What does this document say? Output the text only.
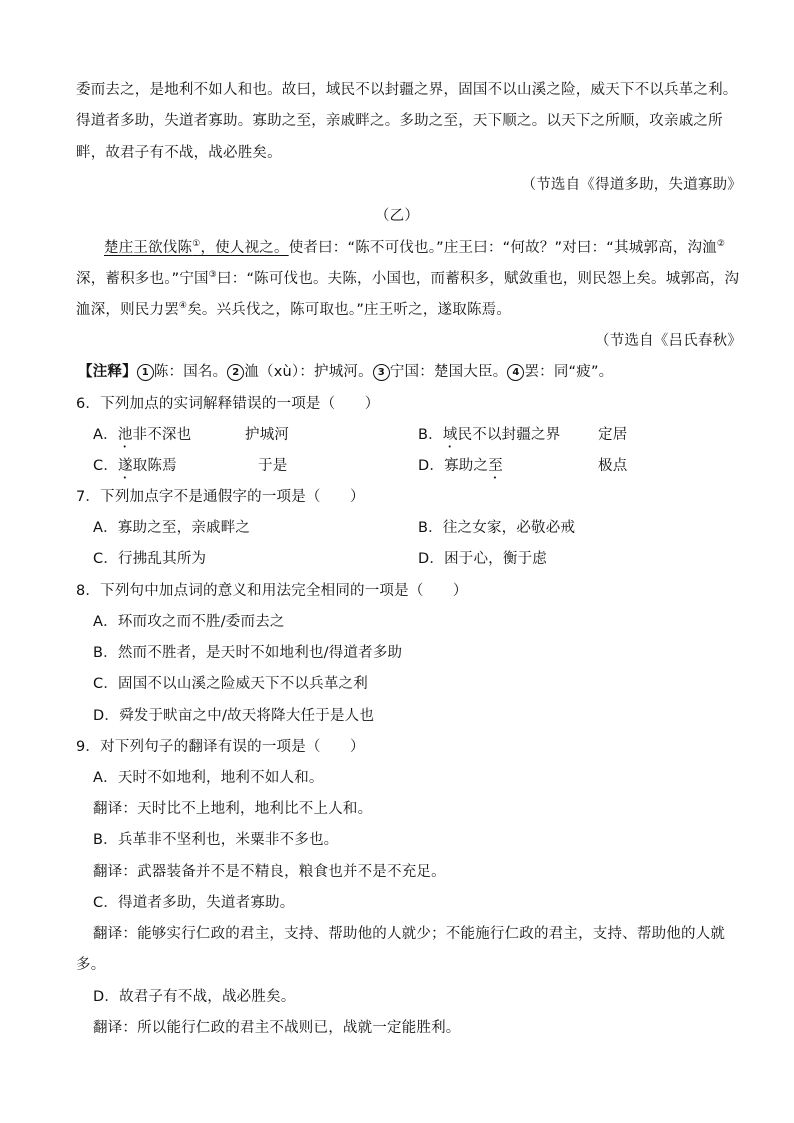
委而去之，是地利不如人和也。故曰，域民不以封疆之界，固国不以山溪之险，威天下不以兵革之利。
得道者多助，失道者寡助。寡助之至，亲戚畔之。多助之至，天下顺之。以天下之所顺，攻亲戚之所
畔，故君子有不战，战必胜矣。
（节选自《得道多助，失道寡助》
（乙）
楚庄王欲伐陈①，使人视之。使者曰：“陈不可伐也。”庄王曰：“何故？”对曰：“其城郭高，沟洫②
深，蓄积多也。”宁国③曰：“陈可伐也。夫陈，小国也，而蓄积多，赋敛重也，则民怨上矣。城郭高，沟
洫深，则民力罢④矣。兴兵伐之，陈可取也。”庄王听之，遂取陈焉。
（节选自《吕氏春秋》
【注释】 1 陈：国名。 2 洫（xù）：护城河。 3 宁国：楚国大臣。 4 罢：同“疲”。
6．下列加点的实词解释错误的一项是（　　）
A．池非不深也	护城河	B．域民不以封疆之界	定居
C．遂取陈焉	于是	D．寡助之至	极点
7．下列加点字不是通假字的一项是（　　）
A．寡助之至，亲戚畔之	B．往之女家，必敬必戒
C．行拂乱其所为	D．困于心，衡于虑
8．下列句中加点词的意义和用法完全相同的一项是（　　）
A．环而攻之而不胜/委而去之
B．然而不胜者，是天时不如地利也/得道者多助
C．固国不以山溪之险威天下不以兵革之利
D．舜发于畎亩之中/故天将降大任于是人也
9．对下列句子的翻译有误的一项是（　　）
A．天时不如地利，地利不如人和。
翻译：天时比不上地利，地利比不上人和。
B．兵革非不坚利也，米粟非不多也。
翻译：武器装备并不是不精良，粮食也并不是不充足。
C．得道者多助，失道者寡助。
翻译：能够实行仁政的君主，支持、帮助他的人就少；不能施行仁政的君主，支持、帮助他的人就
多。
D．故君子有不战，战必胜矣。
翻译：所以能行仁政的君主不战则已，战就一定能胜利。
